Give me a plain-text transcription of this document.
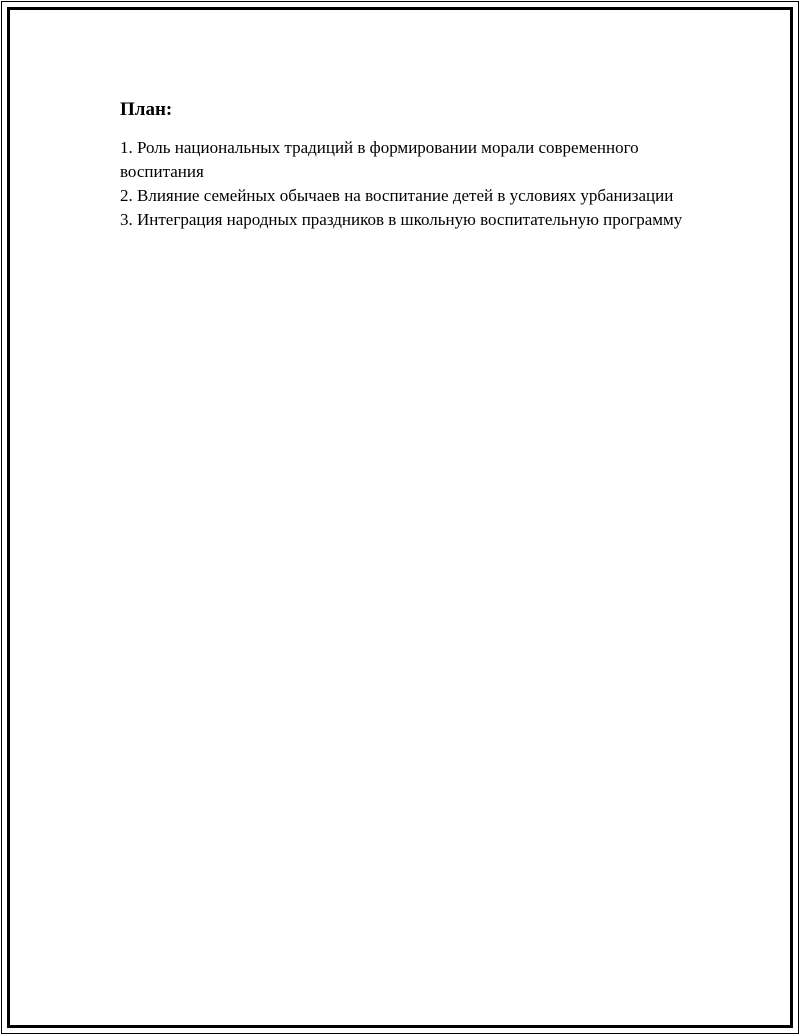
План:
1. Роль национальных традиций в формировании морали современного воспитания
2. Влияние семейных обычаев на воспитание детей в условиях урбанизации
3. Интеграция народных праздников в школьную воспитательную программу
